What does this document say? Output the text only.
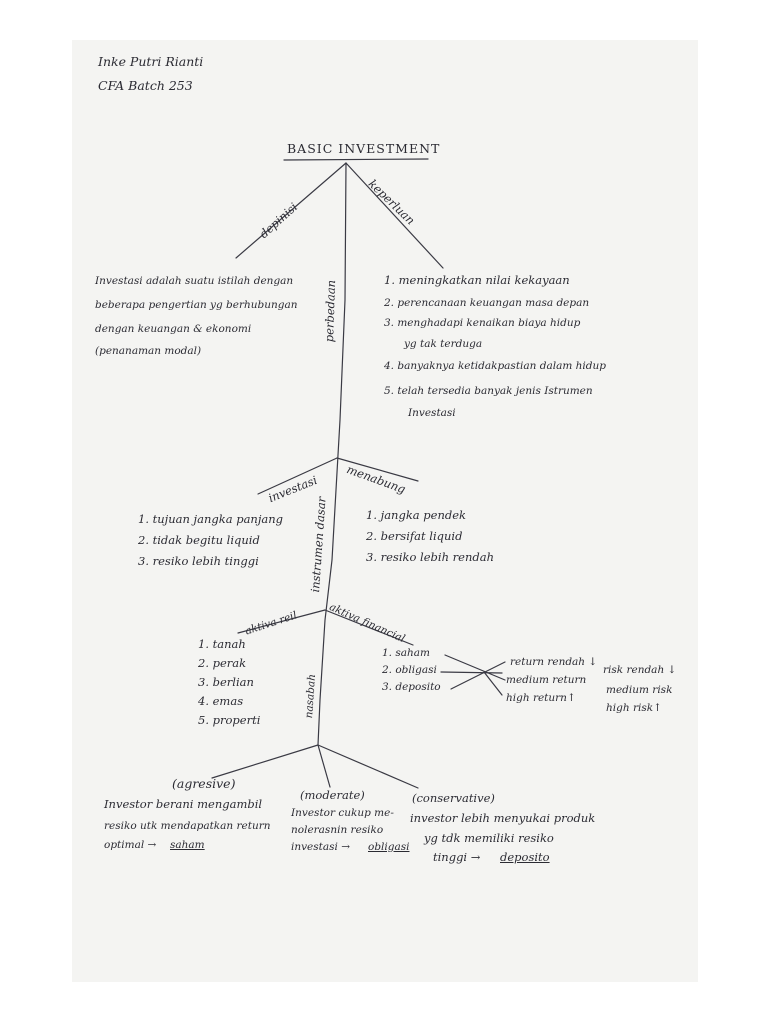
Inke Putri Rianti
CFA Batch 253
BASIC INVESTMENT
depinisi	keperluan
perbedaan
investasi menabung
instrumen dasar
aktiva reil	aktiva financial
nasabah
Investasi adalah suatu istilah dengan
beberapa pengertian yg berhubungan
dengan keuangan & ekonomi
(penanaman modal)
1. meningkatkan nilai kekayaan
2. perencanaan keuangan masa depan
3. menghadapi kenaikan biaya hidup
yg tak terduga
4. banyaknya ketidakpastian dalam hidup
5. telah tersedia banyak jenis Istrumen
Investasi
1. tujuan jangka panjang
2. tidak begitu liquid
3. resiko lebih tinggi
1. jangka pendek
2. bersifat liquid
3. resiko lebih rendah
1. tanah
2. perak
3. berlian
4. emas
5. properti
1. saham
2. obligasi
3. deposito
return rendah ↓
medium return
high return↑
risk rendah ↓
medium risk
high risk↑
(agresive)
Investor berani mengambil
resiko utk mendapatkan return
optimal → saham
(moderate)
Investor cukup me-
nolerasnin resiko
investasi → obligasi
(conservative)
investor lebih menyukai produk
yg tdk memiliki resiko
tinggi → deposito
